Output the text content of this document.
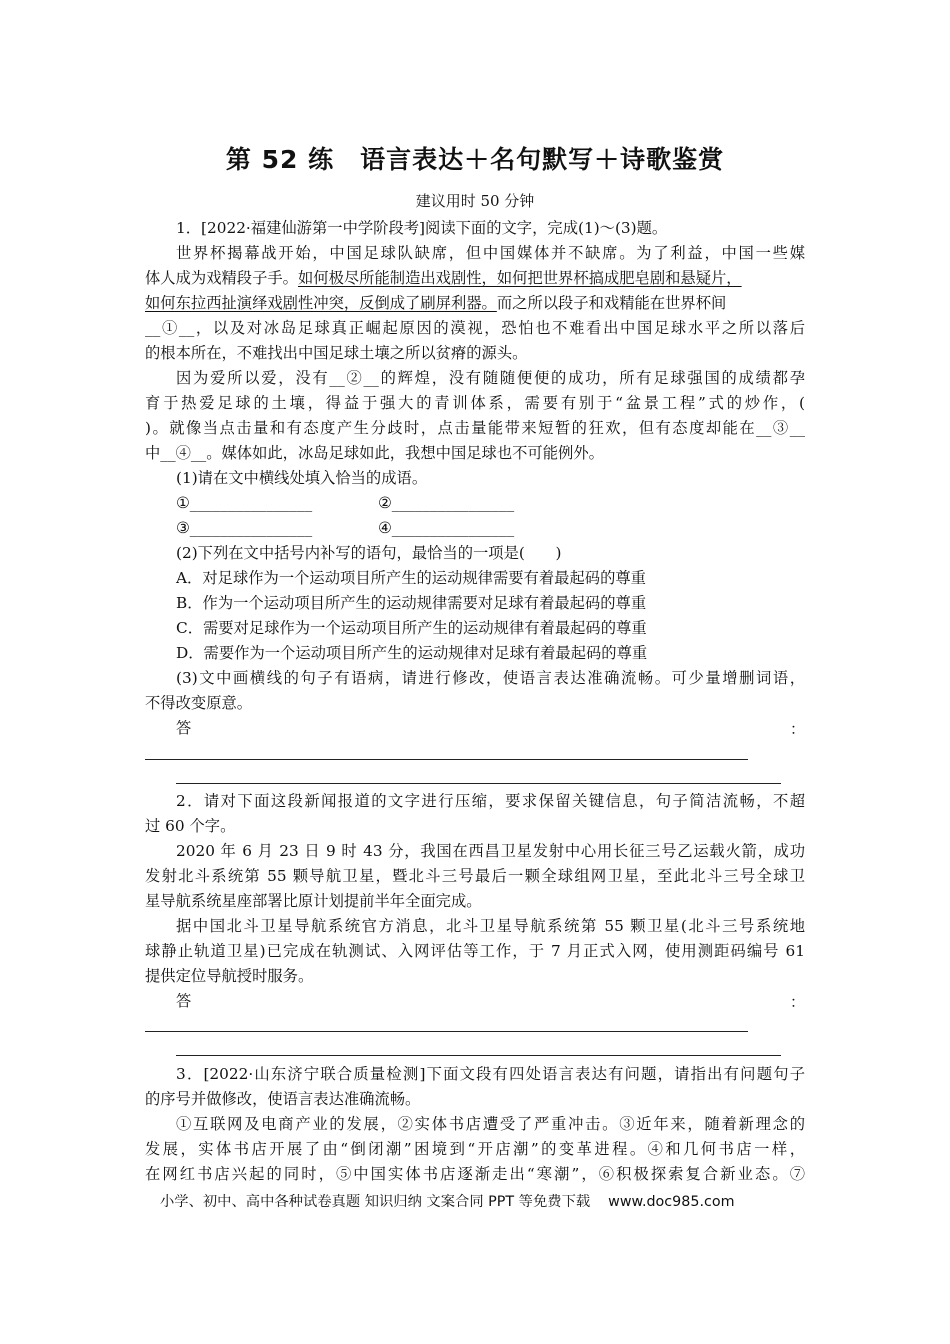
第 52 练　语言表达＋名句默写＋诗歌鉴赏
建议用时 50 分钟
1．[2022·福建仙游第一中学阶段考]阅读下面的文字，完成(1)～(3)题。
世界杯揭幕战开始，中国足球队缺席，但中国媒体并不缺席。为了利益，中国一些媒
体人成为戏精段子手。如何极尽所能制造出戏剧性，如何把世界杯搞成肥皂剧和悬疑片，
如何东拉西扯演绎戏剧性冲突，反倒成了刷屏利器。而之所以段子和戏精能在世界杯间
__①__，以及对冰岛足球真正崛起原因的漠视，恐怕也不难看出中国足球水平之所以落后
的根本所在，不难找出中国足球土壤之所以贫瘠的源头。
因为爱所以爱，没有__②__的辉煌，没有随随便便的成功，所有足球强国的成绩都孕
育于热爱足球的土壤，得益于强大的青训体系，需要有别于“盆景工程”式的炒作，(
)。就像当点击量和有态度产生分歧时，点击量能带来短暂的狂欢，但有态度却能在__③__
中__④__。媒体如此，冰岛足球如此，我想中国足球也不可能例外。
(1)请在文中横线处填入恰当的成语。
①________________	②________________
③________________	④________________
(2)下列在文中括号内补写的语句，最恰当的一项是(　　)
A．对足球作为一个运动项目所产生的运动规律需要有着最起码的尊重
B．作为一个运动项目所产生的运动规律需要对足球有着最起码的尊重
C．需要对足球作为一个运动项目所产生的运动规律有着最起码的尊重
D．需要作为一个运动项目所产生的运动规律对足球有着最起码的尊重
(3)文中画横线的句子有语病，请进行修改，使语言表达准确流畅。可少量增删词语，
不得改变原意。
答	：
2．请对下面这段新闻报道的文字进行压缩，要求保留关键信息，句子简洁流畅，不超
过 60 个字。
2020 年 6 月 23 日 9 时 43 分，我国在西昌卫星发射中心用长征三号乙运载火箭，成功
发射北斗系统第 55 颗导航卫星，暨北斗三号最后一颗全球组网卫星，至此北斗三号全球卫
星导航系统星座部署比原计划提前半年全面完成。
据中国北斗卫星导航系统官方消息，北斗卫星导航系统第 55 颗卫星(北斗三号系统地
球静止轨道卫星)已完成在轨测试、入网评估等工作，于 7 月正式入网，使用测距码编号 61
提供定位导航授时服务。
答	：
3．[2022·山东济宁联合质量检测]下面文段有四处语言表达有问题，请指出有问题句子
的序号并做修改，使语言表达准确流畅。
①互联网及电商产业的发展，②实体书店遭受了严重冲击。③近年来，随着新理念的
发展，实体书店开展了由“倒闭潮”困境到“开店潮”的变革进程。④和几何书店一样，
在网红书店兴起的同时，⑤中国实体书店逐渐走出“寒潮”，⑥积极探索复合新业态。⑦
小学、初中、高中各种试卷真题 知识归纳 文案合同 PPT 等免费下载 www.doc985.com
